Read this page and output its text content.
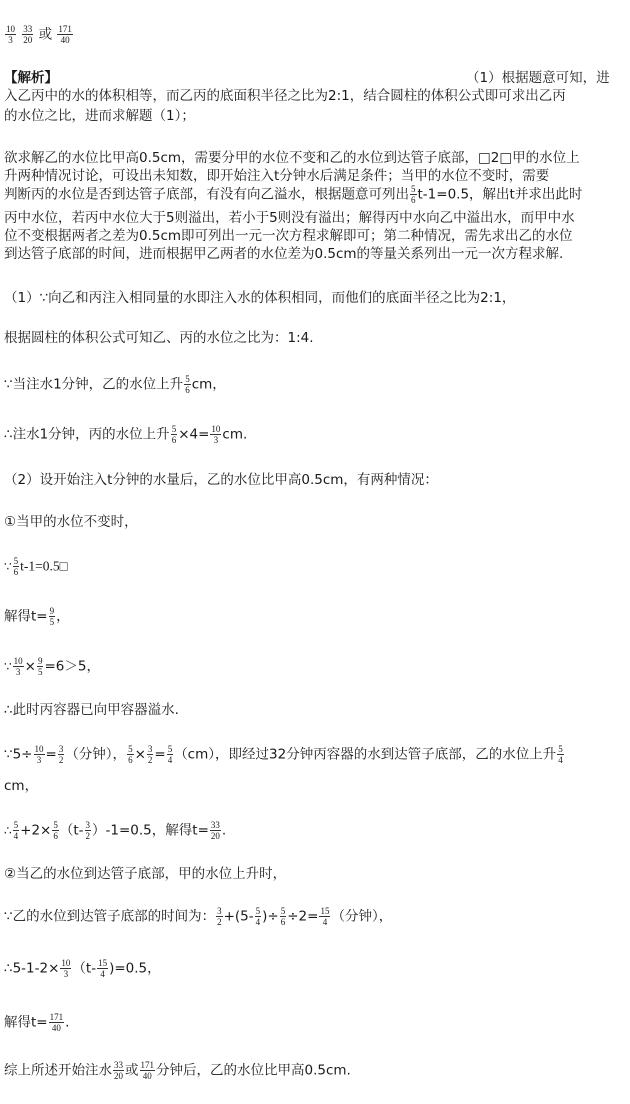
$\frac{10}{3}$
$\frac{33}{20}$ 或 $\frac{171}{40}$
【解析】	（1）根据题意可知，进
入乙丙中的水的体积相等，而乙丙的底面积半径之比为2:1，结合圆柱的体积公式即可求出乙丙
的水位之比，进而求解题（1）；
欲求解乙的水位比甲高0.5cm，需要分甲的水位不变和乙的水位到达管子底部，□2□甲的水位上
升两种情况讨论，可设出未知数，即开始注入t分钟水后满足条件；当甲的水位不变时，需要
判断丙的水位是否到达管子底部，有没有向乙溢水，根据题意可列出 $\frac{5}{6} t-1=0.5$，解出t并求出此时
丙中水位，若丙中水位大于5则溢出，若小于5则没有溢出；解得丙中水向乙中溢出水，而甲中水
位不变根据两者之差为0.5cm即可列出一元一次方程求解即可；第二种情况，需先求出乙的水位
到达管子底部的时间，进而根据甲乙两者的水位差为0.5cm的等量关系列出一元一次方程求解.
（1）∵向乙和丙注入相同量的水即注入水的体积相同，而他们的底面半径之比为2:1，
根据圆柱的体积公式可知乙、丙的水位之比为：1:4.
∵当注水1分钟，乙的水位上升 $\frac{5}{6}$ cm，
∴注水1分钟，丙的水位上升 $\frac{5}{6} \times 4= \frac{10}{3}$ cm.
（2）设开始注入t分钟的水量后，乙的水位比甲高0.5cm，有两种情况：
①当甲的水位不变时，
∵ $\frac{5}{6}$ t-1=0.5□
解得$t= \frac{9}{5}$ ，
∵ $\frac{10}{3} \times \frac{9}{5} =6>5$，
∴此时丙容器已向甲容器溢水.
∵5÷ $\frac{10}{3} = \frac{3}{2}$ （分钟）， $\frac{5}{6} \times \frac{3}{2} = \frac{5}{4} (cm)$，即经过32分钟丙容器的水到达管子底部，乙的水位上升 $\frac{5}{4}$
cm，
∴ $\frac{5}{4} +2\times \frac{5}{6} (t- \frac{3}{2} )-1=0.5$，解得$t= \frac{33}{20}$ .
②当乙的水位到达管子底部，甲的水位上升时，
∵乙的水位到达管子底部的时间为： $\frac{3}{2} +(5- \frac{5}{4}$ )÷ $\frac{5}{6} \div 2= \frac{15}{4}$ （分钟），
∴5-1-2× $\frac{10}{3} (t- \frac{15}{4} )=0.5$，
解得$t= \frac{171}{40}$ .
综上所述开始注水 $\frac{33}{20}$ 或 $\frac{171}{40}$ 分钟后，乙的水位比甲高0.5cm.
